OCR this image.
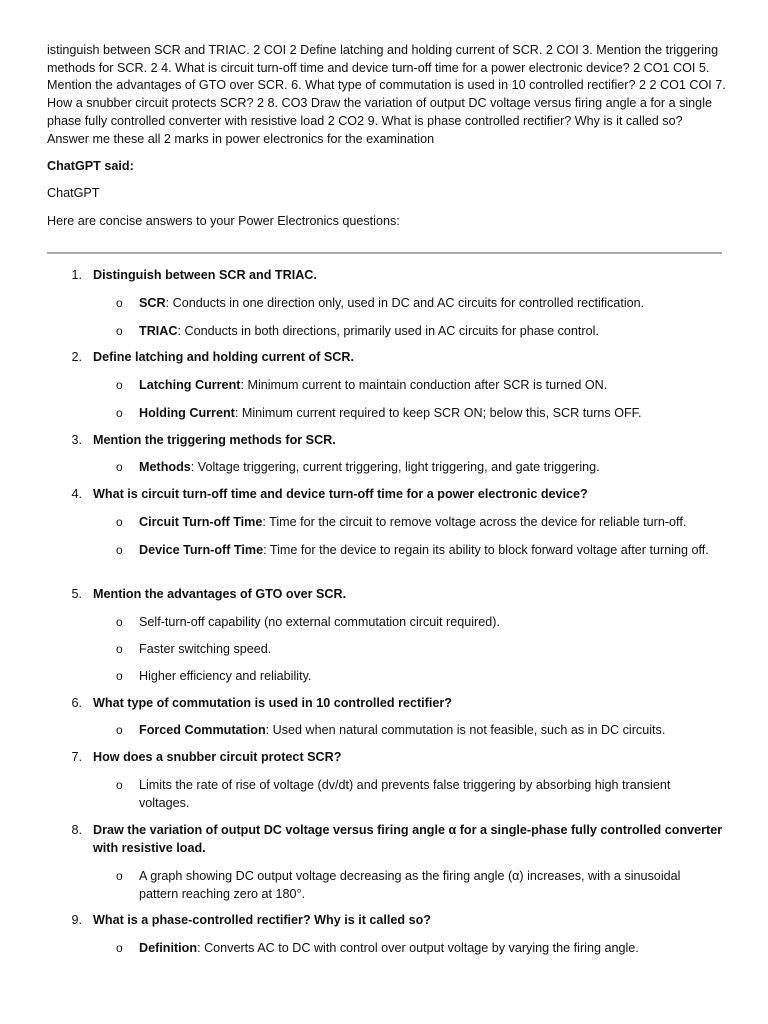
istinguish between SCR and TRIAC. 2 COI 2 Define latching and holding current of SCR. 2 COI 3. Mention the triggering methods for SCR. 2 4. What is circuit turn-off time and device turn-off time for a power electronic device? 2 CO1 COI 5. Mention the advantages of GTO over SCR. 6. What type of commutation is used in 10 controlled rectifier? 2 2 CO1 COI 7. How a snubber circuit protects SCR? 2 8. CO3 Draw the variation of output DC voltage versus firing angle a for a single phase fully controlled converter with resistive load 2 CO2 9. What is phase controlled rectifier? Why is it called so? Answer me these all 2 marks in power electronics for the examination

ChatGPT said:

ChatGPT

Here are concise answers to your Power Electronics questions:

1. Distinguish between SCR and TRIAC.

o SCR: Conducts in one direction only, used in DC and AC circuits for controlled rectification.

o TRIAC: Conducts in both directions, primarily used in AC circuits for phase control.

2. Define latching and holding current of SCR.

o Latching Current: Minimum current to maintain conduction after SCR is turned ON.

o Holding Current: Minimum current required to keep SCR ON; below this, SCR turns OFF.

3. Mention the triggering methods for SCR.

o Methods: Voltage triggering, current triggering, light triggering, and gate triggering.

4. What is circuit turn-off time and device turn-off time for a power electronic device?

o Circuit Turn-off Time: Time for the circuit to remove voltage across the device for reliable turn-off.

o Device Turn-off Time: Time for the device to regain its ability to block forward voltage after turning off.

5. Mention the advantages of GTO over SCR.

o Self-turn-off capability (no external commutation circuit required).

o Faster switching speed.

o Higher efficiency and reliability.

6. What type of commutation is used in 10 controlled rectifier?

o Forced Commutation: Used when natural commutation is not feasible, such as in DC circuits.

7. How does a snubber circuit protect SCR?

o Limits the rate of rise of voltage (dv/dt) and prevents false triggering by absorbing high transient voltages.

8. Draw the variation of output DC voltage versus firing angle α for a single-phase fully controlled converter with resistive load.

o A graph showing DC output voltage decreasing as the firing angle (α) increases, with a sinusoidal pattern reaching zero at 180°.

9. What is a phase-controlled rectifier? Why is it called so?

o Definition: Converts AC to DC with control over output voltage by varying the firing angle.
